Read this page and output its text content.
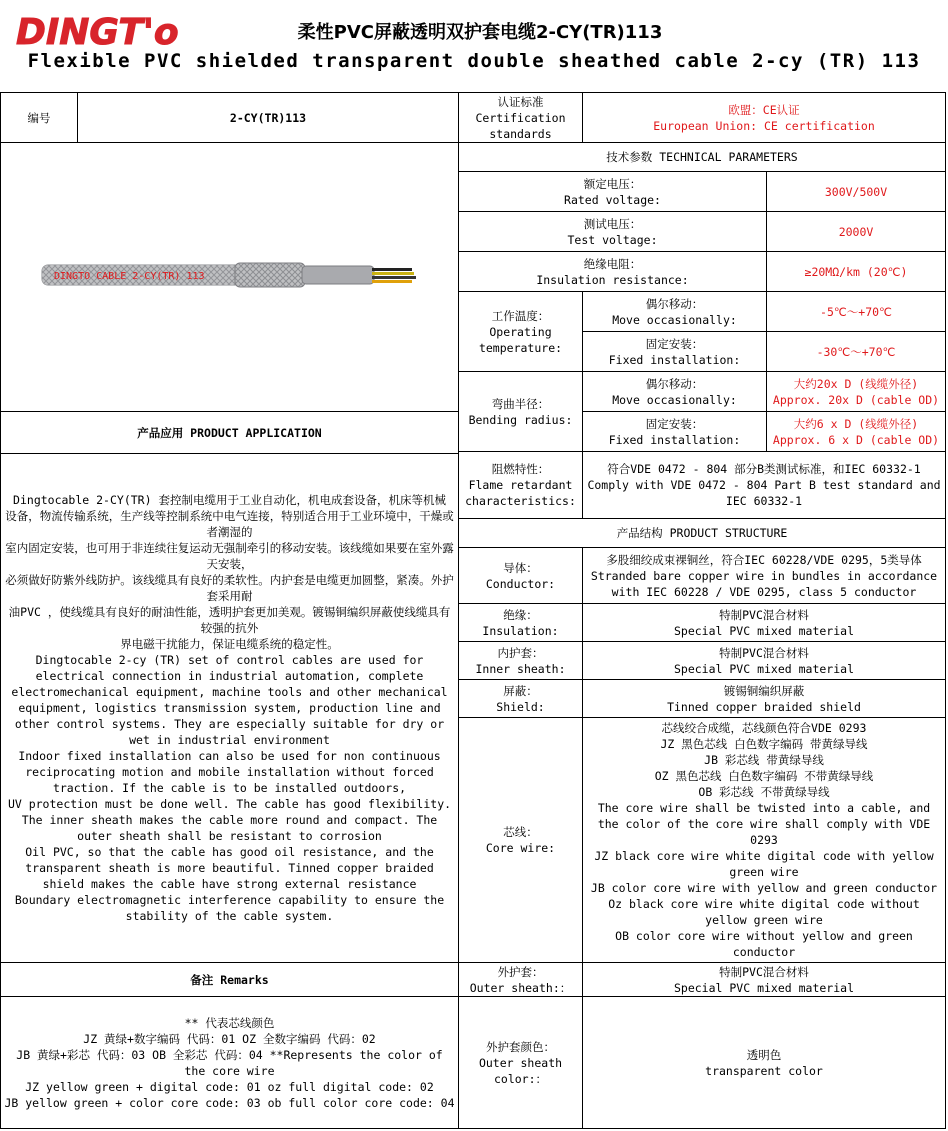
DINGT'o	柔性PVC屏蔽透明双护套电缆2-CY(TR)113
Flexible PVC shielded transparent double sheathed cable 2-cy (TR) 113
编号	2-CY(TR)113
认证标准
Certification standards
欧盟：CE认证
European Union: CE certification
DINGTO CABLE 2-CY(TR) 113
产品应用 PRODUCT APPLICATION
Dingtocable 2-CY(TR) 套控制电缆用于工业自动化，机电成套设备，机床等机械 设备，物流传输系统，生产线等控制系统中电气连接，特别适合用于工业环境中，干燥或者潮湿的
室内固定安装，也可用于非连续往复运动无强制牵引的移动安装。该线缆如果要在室外露天安装，
必须做好防紫外线防护。该线缆具有良好的柔软性。内护套是电缆更加圆整，紧凑。外护套采用耐
油PVC ，使线缆具有良好的耐油性能，透明护套更加美观。镀锡铜编织屏蔽使线缆具有较强的抗外
界电磁干扰能力，保证电缆系统的稳定性。
Dingtocable 2-cy (TR) set of control cables are used for electrical connection in industrial automation, complete electromechanical equipment, machine tools and other mechanical equipment, logistics transmission system, production line and other control systems. They are especially suitable for dry or wet in industrial environment
Indoor fixed installation can also be used for non continuous reciprocating motion and mobile installation without forced traction. If the cable is to be installed outdoors,
UV protection must be done well. The cable has good flexibility. The inner sheath makes the cable more round and compact. The outer sheath shall be resistant to corrosion
Oil PVC, so that the cable has good oil resistance, and the transparent sheath is more beautiful. Tinned copper braided shield makes the cable have strong external resistance
Boundary electromagnetic interference capability to ensure the stability of the cable system.
备注 Remarks
** 代表芯线颜色
JZ 黄绿+数字编码 代码：01 OZ 全数字编码 代码：02
JB 黄绿+彩芯 代码：03 OB 全彩芯 代码：04 **Represents the color of the core wire
JZ yellow green + digital code: 01 oz full digital code: 02
JB yellow green + color core code: 03 ob full color core code: 04
技术参数 TECHNICAL PARAMETERS
额定电压：
Rated voltage:
300V/500V
测试电压：
Test voltage:
2000V
绝缘电阻：
Insulation resistance:
≥20MΩ/km (20℃)
工作温度：
Operating temperature:
偶尔移动：
Move occasionally:
-5℃～+70℃
固定安装：
Fixed installation:
-30℃～+70℃
弯曲半径：
Bending radius:
偶尔移动：
Move occasionally:
大约20x D (线缆外径)
Approx. 20x D (cable OD)
固定安装：
Fixed installation:
大约6 x D (线缆外径)
Approx. 6 x D (cable OD)
阻燃特性：
Flame retardant characteristics:
符合VDE 0472 - 804 部分B类测试标准，和IEC 60332-1
Comply with VDE 0472 - 804 Part B test standard and IEC 60332-1
产品结构 PRODUCT STRUCTURE
导体：
Conductor:
多股细绞成束裸铜丝，符合IEC 60228/VDE 0295，5类导体
Stranded bare copper wire in bundles in accordance with IEC 60228 / VDE 0295, class 5 conductor
绝缘：
Insulation:
特制PVC混合材料
Special PVC mixed material
内护套：
Inner sheath:
特制PVC混合材料
Special PVC mixed material
屏蔽：
Shield:
镀锡铜编织屏蔽
Tinned copper braided shield
芯线：
Core wire:
芯线绞合成缆，芯线颜色符合VDE 0293
JZ 黑色芯线 白色数字编码 带黄绿导线
JB 彩芯线 带黄绿导线
OZ 黑色芯线 白色数字编码 不带黄绿导线
OB 彩芯线 不带黄绿导线
The core wire shall be twisted into a cable, and the color of the core wire shall comply with VDE 0293
JZ black core wire white digital code with yellow green wire
JB color core wire with yellow and green conductor
Oz black core wire white digital code without yellow green wire
OB color core wire without yellow and green conductor
外护套：
Outer sheath:：
特制PVC混合材料
Special PVC mixed material
外护套颜色：
Outer sheath color:：
透明色
transparent color
